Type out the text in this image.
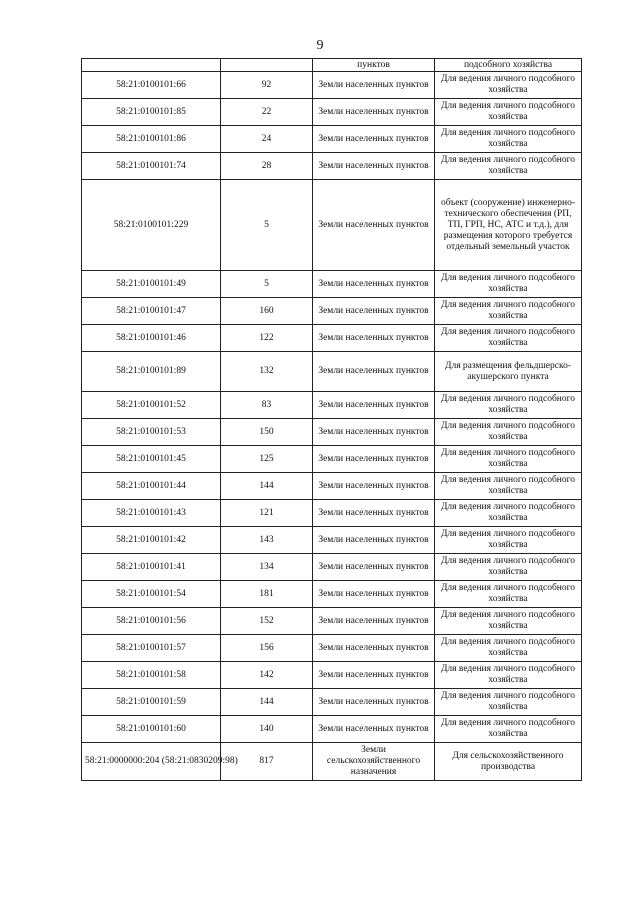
9

		пунктов	подсобного хозяйства

58:21:0100101:66	92	Земли населенных пунктов	Для ведения личного подсобного хозяйства

58:21:0100101:85	22	Земли населенных пунктов	Для ведения личного подсобного хозяйства

58:21:0100101:86	24	Земли населенных пунктов	Для ведения личного подсобного хозяйства

58:21:0100101:74	28	Земли населенных пунктов	Для ведения личного подсобного хозяйства

58:21:0100101:229	5	Земли населенных пунктов	объект (сооружение) инженерно-технического обеспечения (РП, ТП, ГРП, НС, АТС и т.д.), для размещения которого требуется отдельный земельный участок

58:21:0100101:49	5	Земли населенных пунктов	Для ведения личного подсобного хозяйства

58:21:0100101:47	160	Земли населенных пунктов	Для ведения личного подсобного хозяйства

58:21:0100101:46	122	Земли населенных пунктов	Для ведения личного подсобного хозяйства

58:21:0100101:89	132	Земли населенных пунктов	Для размещения фельдшерско-акушерского пункта

58:21:0100101:52	83	Земли населенных пунктов	Для ведения личного подсобного хозяйства

58:21:0100101:53	150	Земли населенных пунктов	Для ведения личного подсобного хозяйства

58:21:0100101:45	125	Земли населенных пунктов	Для ведения личного подсобного хозяйства

58:21:0100101:44	144	Земли населенных пунктов	Для ведения личного подсобного хозяйства

58:21:0100101:43	121	Земли населенных пунктов	Для ведения личного подсобного хозяйства

58:21:0100101:42	143	Земли населенных пунктов	Для ведения личного подсобного хозяйства

58:21:0100101:41	134	Земли населенных пунктов	Для ведения личного подсобного хозяйства

58:21:0100101:54	181	Земли населенных пунктов	Для ведения личного подсобного хозяйства

58:21:0100101:56	152	Земли населенных пунктов	Для ведения личного подсобного хозяйства

58:21:0100101:57	156	Земли населенных пунктов	Для ведения личного подсобного хозяйства

58:21:0100101:58	142	Земли населенных пунктов	Для ведения личного подсобного хозяйства

58:21:0100101:59	144	Земли населенных пунктов	Для ведения личного подсобного хозяйства

58:21:0100101:60	140	Земли населенных пунктов	Для ведения личного подсобного хозяйства

58:21:0000000:204 (58:21:0830209:98)	817	Земли сельскохозяйственного назначения	Для сельскохозяйственного производства
